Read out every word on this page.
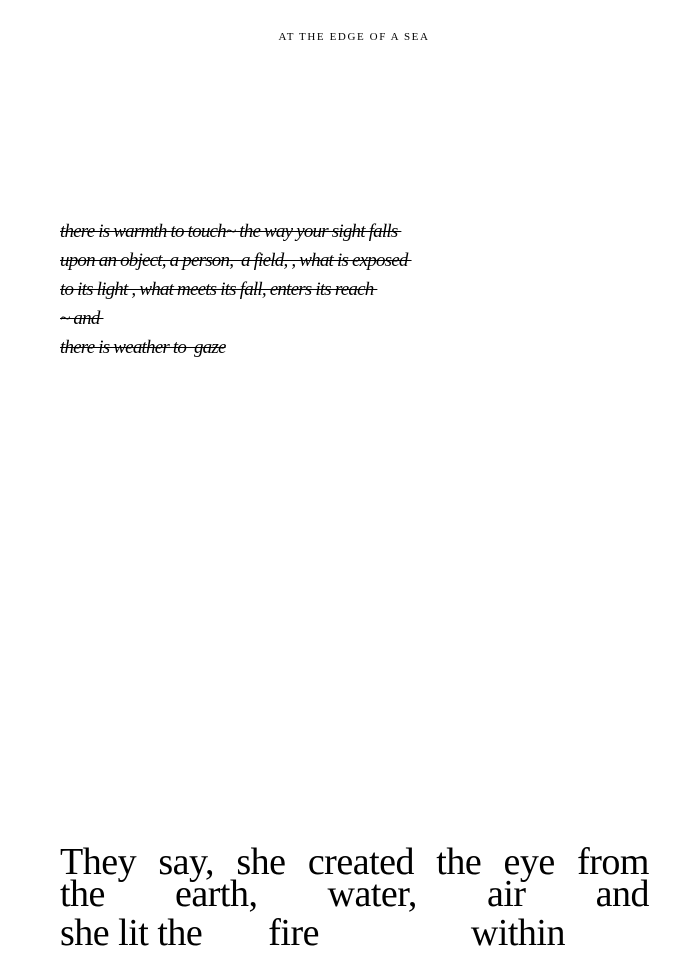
AT THE EDGE OF A SEA
there is warmth to touch~ the way your sight falls
upon an object, a person,  a field, , what is exposed
to its light , what meets its fall, enters its reach
~ and
there is weather to  gaze
They say, she created the eye from
the earth, water, air and
she lit the fire	within
